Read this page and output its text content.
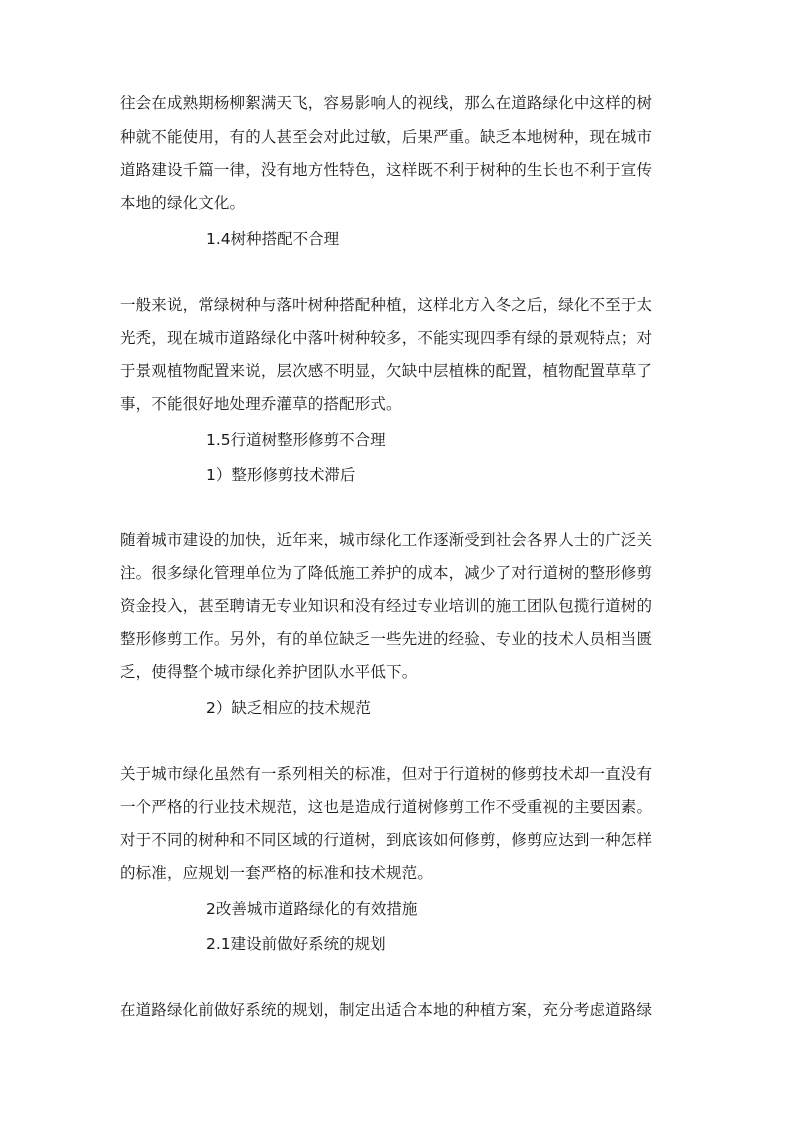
往会在成熟期杨柳絮满天飞，容易影响人的视线，那么在道路绿化中这样的树
种就不能使用，有的人甚至会对此过敏，后果严重。缺乏本地树种，现在城市
道路建设千篇一律，没有地方性特色，这样既不利于树种的生长也不利于宣传
本地的绿化文化。
1.4树种搭配不合理
一般来说，常绿树种与落叶树种搭配种植，这样北方入冬之后，绿化不至于太
光秃，现在城市道路绿化中落叶树种较多，不能实现四季有绿的景观特点；对
于景观植物配置来说，层次感不明显，欠缺中层植株的配置，植物配置草草了
事，不能很好地处理乔灌草的搭配形式。
1.5行道树整形修剪不合理
1）整形修剪技术滞后
随着城市建设的加快，近年来，城市绿化工作逐渐受到社会各界人士的广泛关
注。很多绿化管理单位为了降低施工养护的成本，减少了对行道树的整形修剪
资金投入，甚至聘请无专业知识和没有经过专业培训的施工团队包揽行道树的
整形修剪工作。另外，有的单位缺乏一些先进的经验、专业的技术人员相当匮
乏，使得整个城市绿化养护团队水平低下。
2）缺乏相应的技术规范
关于城市绿化虽然有一系列相关的标准，但对于行道树的修剪技术却一直没有
一个严格的行业技术规范，这也是造成行道树修剪工作不受重视的主要因素。
对于不同的树种和不同区域的行道树，到底该如何修剪，修剪应达到一种怎样
的标准，应规划一套严格的标准和技术规范。
2改善城市道路绿化的有效措施
2.1建设前做好系统的规划
在道路绿化前做好系统的规划，制定出适合本地的种植方案，充分考虑道路绿
